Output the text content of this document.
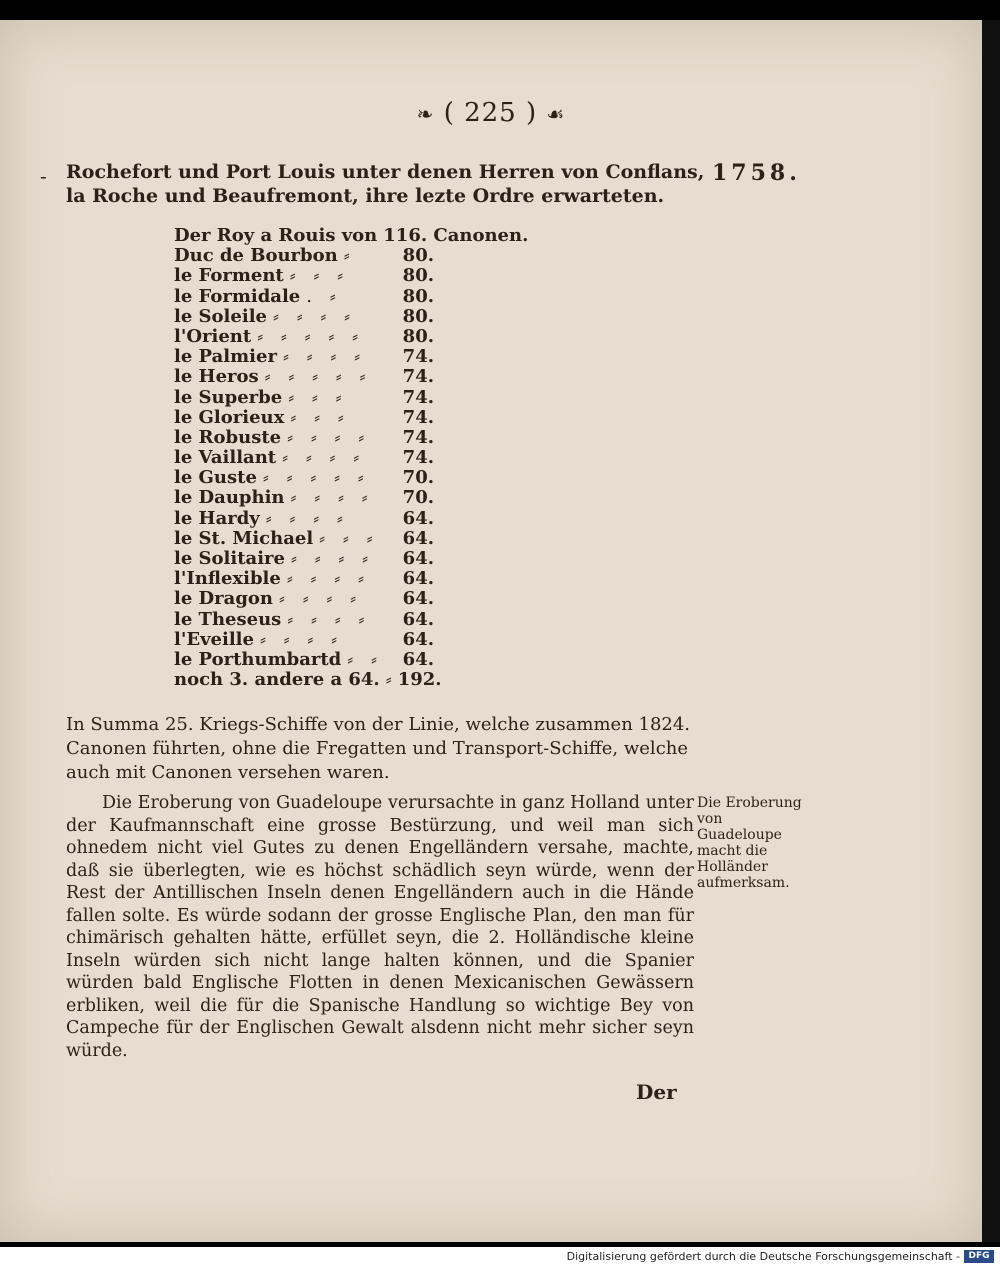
❧ ( 225 ) ☙
-	1758.
Rochefort und Port Louis unter denen Herren von Conflans, la Roche und Beaufremont, ihre lezte Ordre erwarteten.
Der Roy a Rouis von 116. Canonen.
Duc de Bourbon ⸗	80.
le Forment ⸗ ⸗ ⸗	80.
le Formidale . ⸗	80.
le Soleile ⸗ ⸗ ⸗ ⸗	80.
l'Orient ⸗ ⸗ ⸗ ⸗ ⸗	80.
le Palmier ⸗ ⸗ ⸗ ⸗	74.
le Heros ⸗ ⸗ ⸗ ⸗ ⸗	74.
le Superbe ⸗ ⸗ ⸗	74.
le Glorieux ⸗ ⸗ ⸗	74.
le Robuste ⸗ ⸗ ⸗ ⸗	74.
le Vaillant ⸗ ⸗ ⸗ ⸗	74.
le Guste ⸗ ⸗ ⸗ ⸗ ⸗	70.
le Dauphin ⸗ ⸗ ⸗ ⸗	70.
le Hardy ⸗ ⸗ ⸗ ⸗	64.
le St. Michael ⸗ ⸗ ⸗	64.
le Solitaire ⸗ ⸗ ⸗ ⸗	64.
l'Inflexible ⸗ ⸗ ⸗ ⸗	64.
le Dragon ⸗ ⸗ ⸗ ⸗	64.
le Theseus ⸗ ⸗ ⸗ ⸗	64.
l'Eveille ⸗ ⸗ ⸗ ⸗	64.
le Porthumbartd ⸗ ⸗	64.
noch 3. andere a 64. ⸗ 192.
In Summa 25. Kriegs-Schiffe von der Linie, welche zusammen 1824. Canonen führten, ohne die Fregatten und Transport-Schiffe, welche auch mit Canonen versehen waren.
Die Eroberung von Guadeloupe verursachte in ganz Holland unter der Kaufmannschaft eine grosse Bestürzung, und weil man sich ohnedem nicht viel Gutes zu denen Engelländern versahe, machte, daß sie überlegten, wie es höchst schädlich seyn würde, wenn der Rest der Antillischen Inseln denen Engelländern auch in die Hände fallen solte. Es würde sodann der grosse Englische Plan, den man für chimärisch gehalten hätte, erfüllet seyn, die 2. Holländische kleine Inseln würden sich nicht lange halten können, und die Spanier würden bald Englische Flotten in denen Mexicanischen Gewässern erbliken, weil die für die Spanische Handlung so wichtige Bey von Campeche für der Englischen Gewalt alsdenn nicht mehr sicher seyn würde.
Die Eroberung von Guadeloupe macht die Holländer aufmerksam.
Der
Digitalisierung gefördert durch die Deutsche Forschungsgemeinschaft - DFG
